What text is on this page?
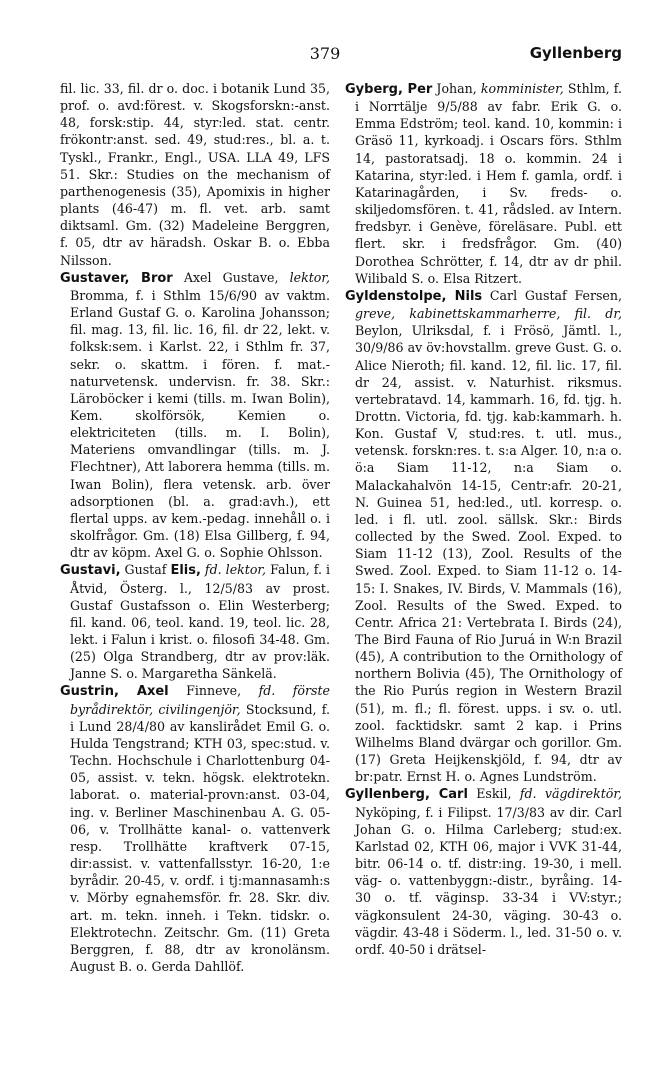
379	Gyllenberg

fil. lic. 33, fil. dr o. doc. i botanik Lund 35, prof. o. avd:förest. v. Skogsforskn:-anst. 48, forsk:stip. 44, styr:led. stat. centr. frökontr:anst. sed. 49, stud:res., bl. a. t. Tyskl., Frankr., Engl., USA. LLA 49, LFS 51. Skr.: Studies on the mechanism of parthenogenesis (35), Apomixis in higher plants (46-47) m. fl. vet. arb. samt diktsaml. Gm. (32) Madeleine Berggren, f. 05, dtr av häradsh. Oskar B. o. Ebba Nilsson.

Gustaver, Bror Axel Gustave, lektor, Bromma, f. i Sthlm 15/6/90 av vaktm. Erland Gustaf G. o. Karolina Johansson; fil. mag. 13, fil. lic. 16, fil. dr 22, lekt. v. folksk:sem. i Karlst. 22, i Sthlm fr. 37, sekr. o. skattm. i fören. f. mat.-naturvetensk. undervisn. fr. 38. Skr.: Läroböcker i kemi (tills. m. Iwan Bolin), Kem. skolförsök, Kemien o. elektriciteten (tills. m. I. Bolin), Materiens omvandlingar (tills. m. J. Flechtner), Att laborera hemma (tills. m. Iwan Bolin), flera vetensk. arb. över adsorptionen (bl. a. grad:avh.), ett flertal upps. av kem.-pedag. innehåll o. i skolfrågor. Gm. (18) Elsa Gillberg, f. 94, dtr av köpm. Axel G. o. Sophie Ohlsson.

Gustavi, Gustaf Elis, fd. lektor, Falun, f. i Åtvid, Österg. l., 12/5/83 av prost. Gustaf Gustafsson o. Elin Westerberg; fil. kand. 06, teol. kand. 19, teol. lic. 28, lekt. i Falun i krist. o. filosofi 34-48. Gm. (25) Olga Strandberg, dtr av prov:läk. Janne S. o. Margaretha Sänkelä.

Gustrin, Axel Finneve, fd. förste byrådirektör, civilingenjör, Stocksund, f. i Lund 28/4/80 av kanslirådet Emil G. o. Hulda Tengstrand; KTH 03, spec:stud. v. Techn. Hochschule i Charlottenburg 04-05, assist. v. tekn. högsk. elektrotekn. laborat. o. material-provn:anst. 03-04, ing. v. Berliner Maschinenbau A. G. 05-06, v. Trollhätte kanal- o. vattenverk resp. Trollhätte kraftverk 07-15, dir:assist. v. vattenfallsstyr. 16-20, 1:e byrådir. 20-45, v. ordf. i tj:mannasamh:s v. Mörby egnahemsför. fr. 28. Skr. div. art. m. tekn. inneh. i Tekn. tidskr. o. Elektrotechn. Zeitschr. Gm. (11) Greta Berggren, f. 88, dtr av kronolänsm. August B. o. Gerda Dahllöf.

Gyberg, Per Johan, komminister, Sthlm, f. i Norrtälje 9/5/88 av fabr. Erik G. o. Emma Edström; teol. kand. 10, kommin: i Gräsö 11, kyrkoadj. i Oscars förs. Sthlm 14, pastoratsadj. 18 o. kommin. 24 i Katarina, styr:led. i Hem f. gamla, ordf. i Katarinagården, i Sv. freds- o. skiljedomsfören. t. 41, rådsled. av Intern. fredsbyr. i Genève, föreläsare. Publ. ett flert. skr. i fredsfrågor. Gm. (40) Dorothea Schrötter, f. 14, dtr av dr phil. Wilibald S. o. Elsa Ritzert.

Gyldenstolpe, Nils Carl Gustaf Fersen, greve, kabinettskammarherre, fil. dr, Beylon, Ulriksdal, f. i Frösö, Jämtl. l., 30/9/86 av öv:hovstallm. greve Gust. G. o. Alice Nieroth; fil. kand. 12, fil. lic. 17, fil. dr 24, assist. v. Naturhist. riksmus. vertebratavd. 14, kammarh. 16, fd. tjg. h. Drottn. Victoria, fd. tjg. kab:kammarh. h. Kon. Gustaf V, stud:res. t. utl. mus., vetensk. forskn:res. t. s:a Alger. 10, n:a o. ö:a Siam 11-12, n:a Siam o. Malackahalvön 14-15, Centr:afr. 20-21, N. Guinea 51, hed:led., utl. korresp. o. led. i fl. utl. zool. sällsk. Skr.: Birds collected by the Swed. Zool. Exped. to Siam 11-12 (13), Zool. Results of the Swed. Zool. Exped. to Siam 11-12 o. 14-15: I. Snakes, IV. Birds, V. Mammals (16), Zool. Results of the Swed. Exped. to Centr. Africa 21: Vertebrata I. Birds (24), The Bird Fauna of Rio Juruá in W:n Brazil (45), A contribution to the Ornithology of northern Bolivia (45), The Ornithology of the Rio Purús region in Western Brazil (51), m. fl.; fl. förest. upps. i sv. o. utl. zool. facktidskr. samt 2 kap. i Prins Wilhelms Bland dvärgar och gorillor. Gm. (17) Greta Heijkenskjöld, f. 94, dtr av br:patr. Ernst H. o. Agnes Lundström.

Gyllenberg, Carl Eskil, fd. vägdirektör, Nyköping, f. i Filipst. 17/3/83 av dir. Carl Johan G. o. Hilma Carleberg; stud:ex. Karlstad 02, KTH 06, major i VVK 31-44, bitr. 06-14 o. tf. distr:ing. 19-30, i mell. väg- o. vattenbyggn:-distr., byråing. 14-30 o. tf. väginsp. 33-34 i VV:styr.; vägkonsulent 24-30, väging. 30-43 o. vägdir. 43-48 i Söderm. l., led. 31-50 o. v. ordf. 40-50 i drätsel-
